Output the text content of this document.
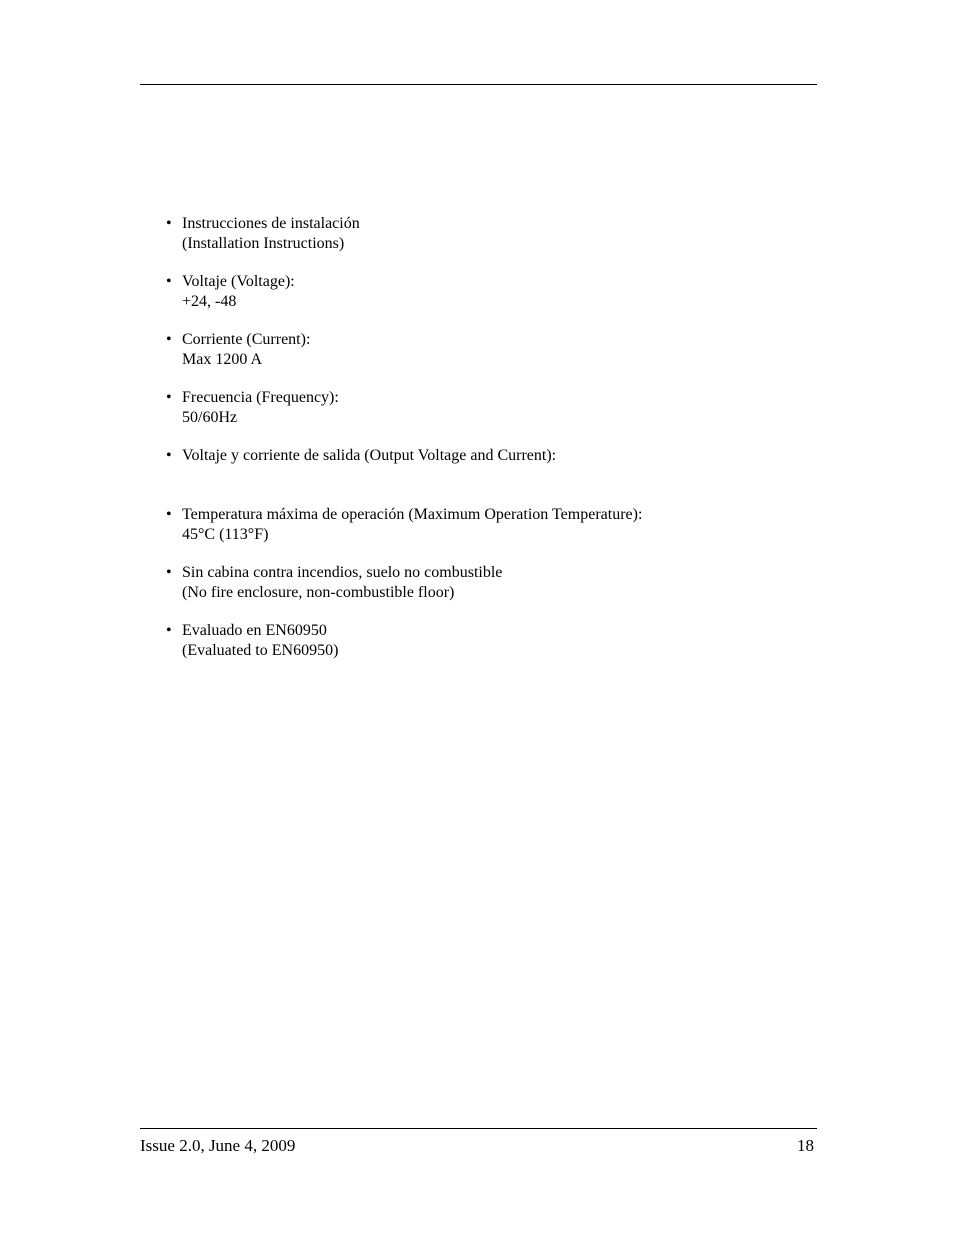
• Instrucciones de instalación
(Installation Instructions)
• Voltaje (Voltage):
+24, -48
• Corriente (Current):
Max 1200 A
• Frecuencia (Frequency):
50/60Hz
• Voltaje y corriente de salida (Output Voltage and Current):
• Temperatura máxima de operación (Maximum Operation Temperature):
45°C (113°F)
• Sin cabina contra incendios, suelo no combustible
(No fire enclosure, non-combustible floor)
• Evaluado en EN60950
(Evaluated to EN60950)
Issue 2.0, June 4, 2009	18
